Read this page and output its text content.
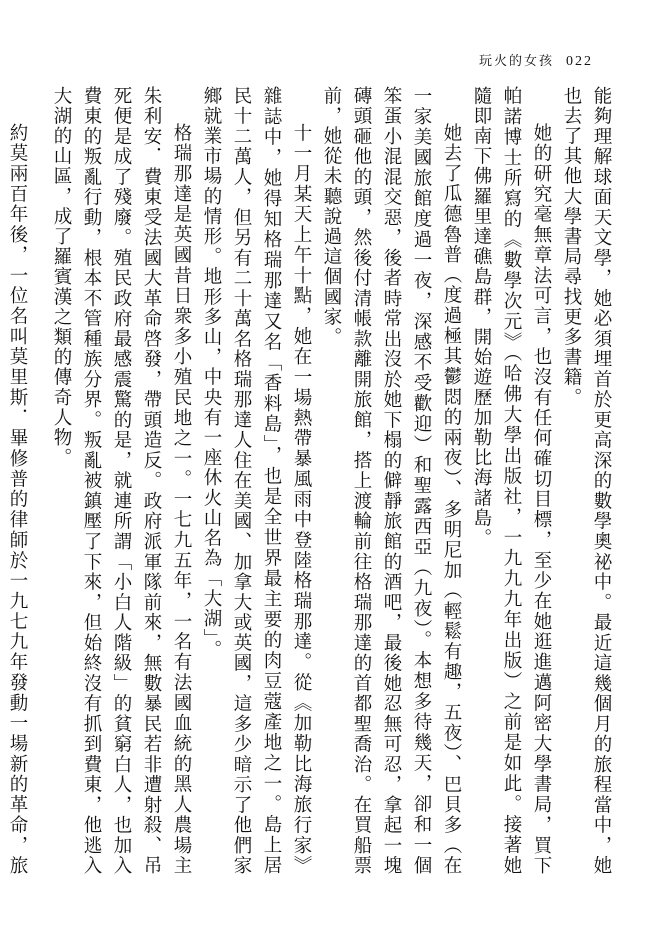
玩火的女孩 022

能夠理解球面天文學，她必須埋首於更高深的數學奧祕中。最近這幾個月的旅程當中，她也去了其他大學書局尋找更多書籍。

她的研究毫無章法可言，也沒有任何確切目標，至少在她逛進邁阿密大學書局，買下帕諾博士所寫的《數學次元》（哈佛大學出版社，一九九九年出版）之前是如此。接著她隨即南下佛羅里達礁島群，開始遊歷加勒比海諸島。

她去了瓜德魯普（度過極其鬱悶的兩夜）、多明尼加（輕鬆有趣，五夜）、巴貝多（在一家美國旅館度過一夜，深感不受歡迎）和聖露西亞（九夜）。本想多待幾天，卻和一個笨蛋小混混交惡，後者時常出沒於她下榻的僻靜旅館的酒吧，最後她忍無可忍，拿起一塊磚頭砸他的頭，然後付清帳款離開旅館，搭上渡輪前往格瑞那達的首都聖喬治。在買船票前，她從未聽說過這個國家。

十一月某天上午十點，她在一場熱帶暴風雨中登陸格瑞那達。從《加勒比海旅行家》雜誌中，她得知格瑞那達又名「香料島」，也是全世界最主要的肉豆蔻產地之一。島上居民十二萬人，但另有二十萬名格瑞那達人住在美國、加拿大或英國，這多少暗示了他們家鄉就業市場的情形。地形多山，中央有一座休火山名為「大湖」。

格瑞那達是英國昔日衆多小殖民地之一。一七九五年，一名有法國血統的黑人農場主朱利安．費東受法國大革命啓發，帶頭造反。政府派軍隊前來，無數暴民若非遭射殺、吊死便是成了殘廢。殖民政府最感震驚的是，就連所謂「小白人階級」的貧窮白人，也加入費東的叛亂行動，根本不管種族分界。叛亂被鎮壓了下來，但始終沒有抓到費東，他逃入大湖的山區，成了羅賓漢之類的傳奇人物。

約莫兩百年後，一位名叫莫里斯．畢修普的律師於一九七九年發動一場新的革命，旅
